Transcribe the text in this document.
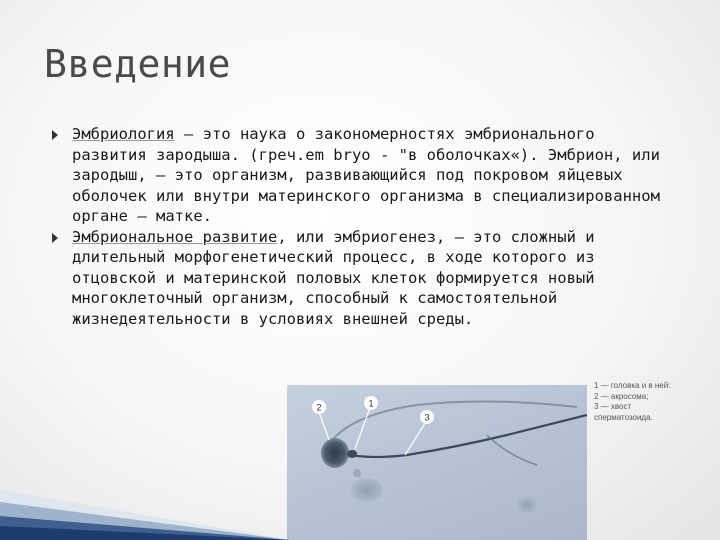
Введение
Эмбриология — это наука о закономерностях эмбрионального развития зародыша. (греч.em bryo - "в оболочках«). Эмбрион, или зародыш, — это организм, развивающийся под покровом яйцевых оболочек или внутри материнского организма в специализированном органе — матке.
Эмбриональное развитие, или эмбриогенез, — это сложный и длительный морфогенетический процесс, в ходе которого из отцовской и материнской половых клеток формируется новый многоклеточный организм, способный к самостоятельной жизнедеятельности в условиях внешней среды.
2	1
3
1 — головка и в ней:
2 — акросома;
3 — хвост
сперматозоида.
